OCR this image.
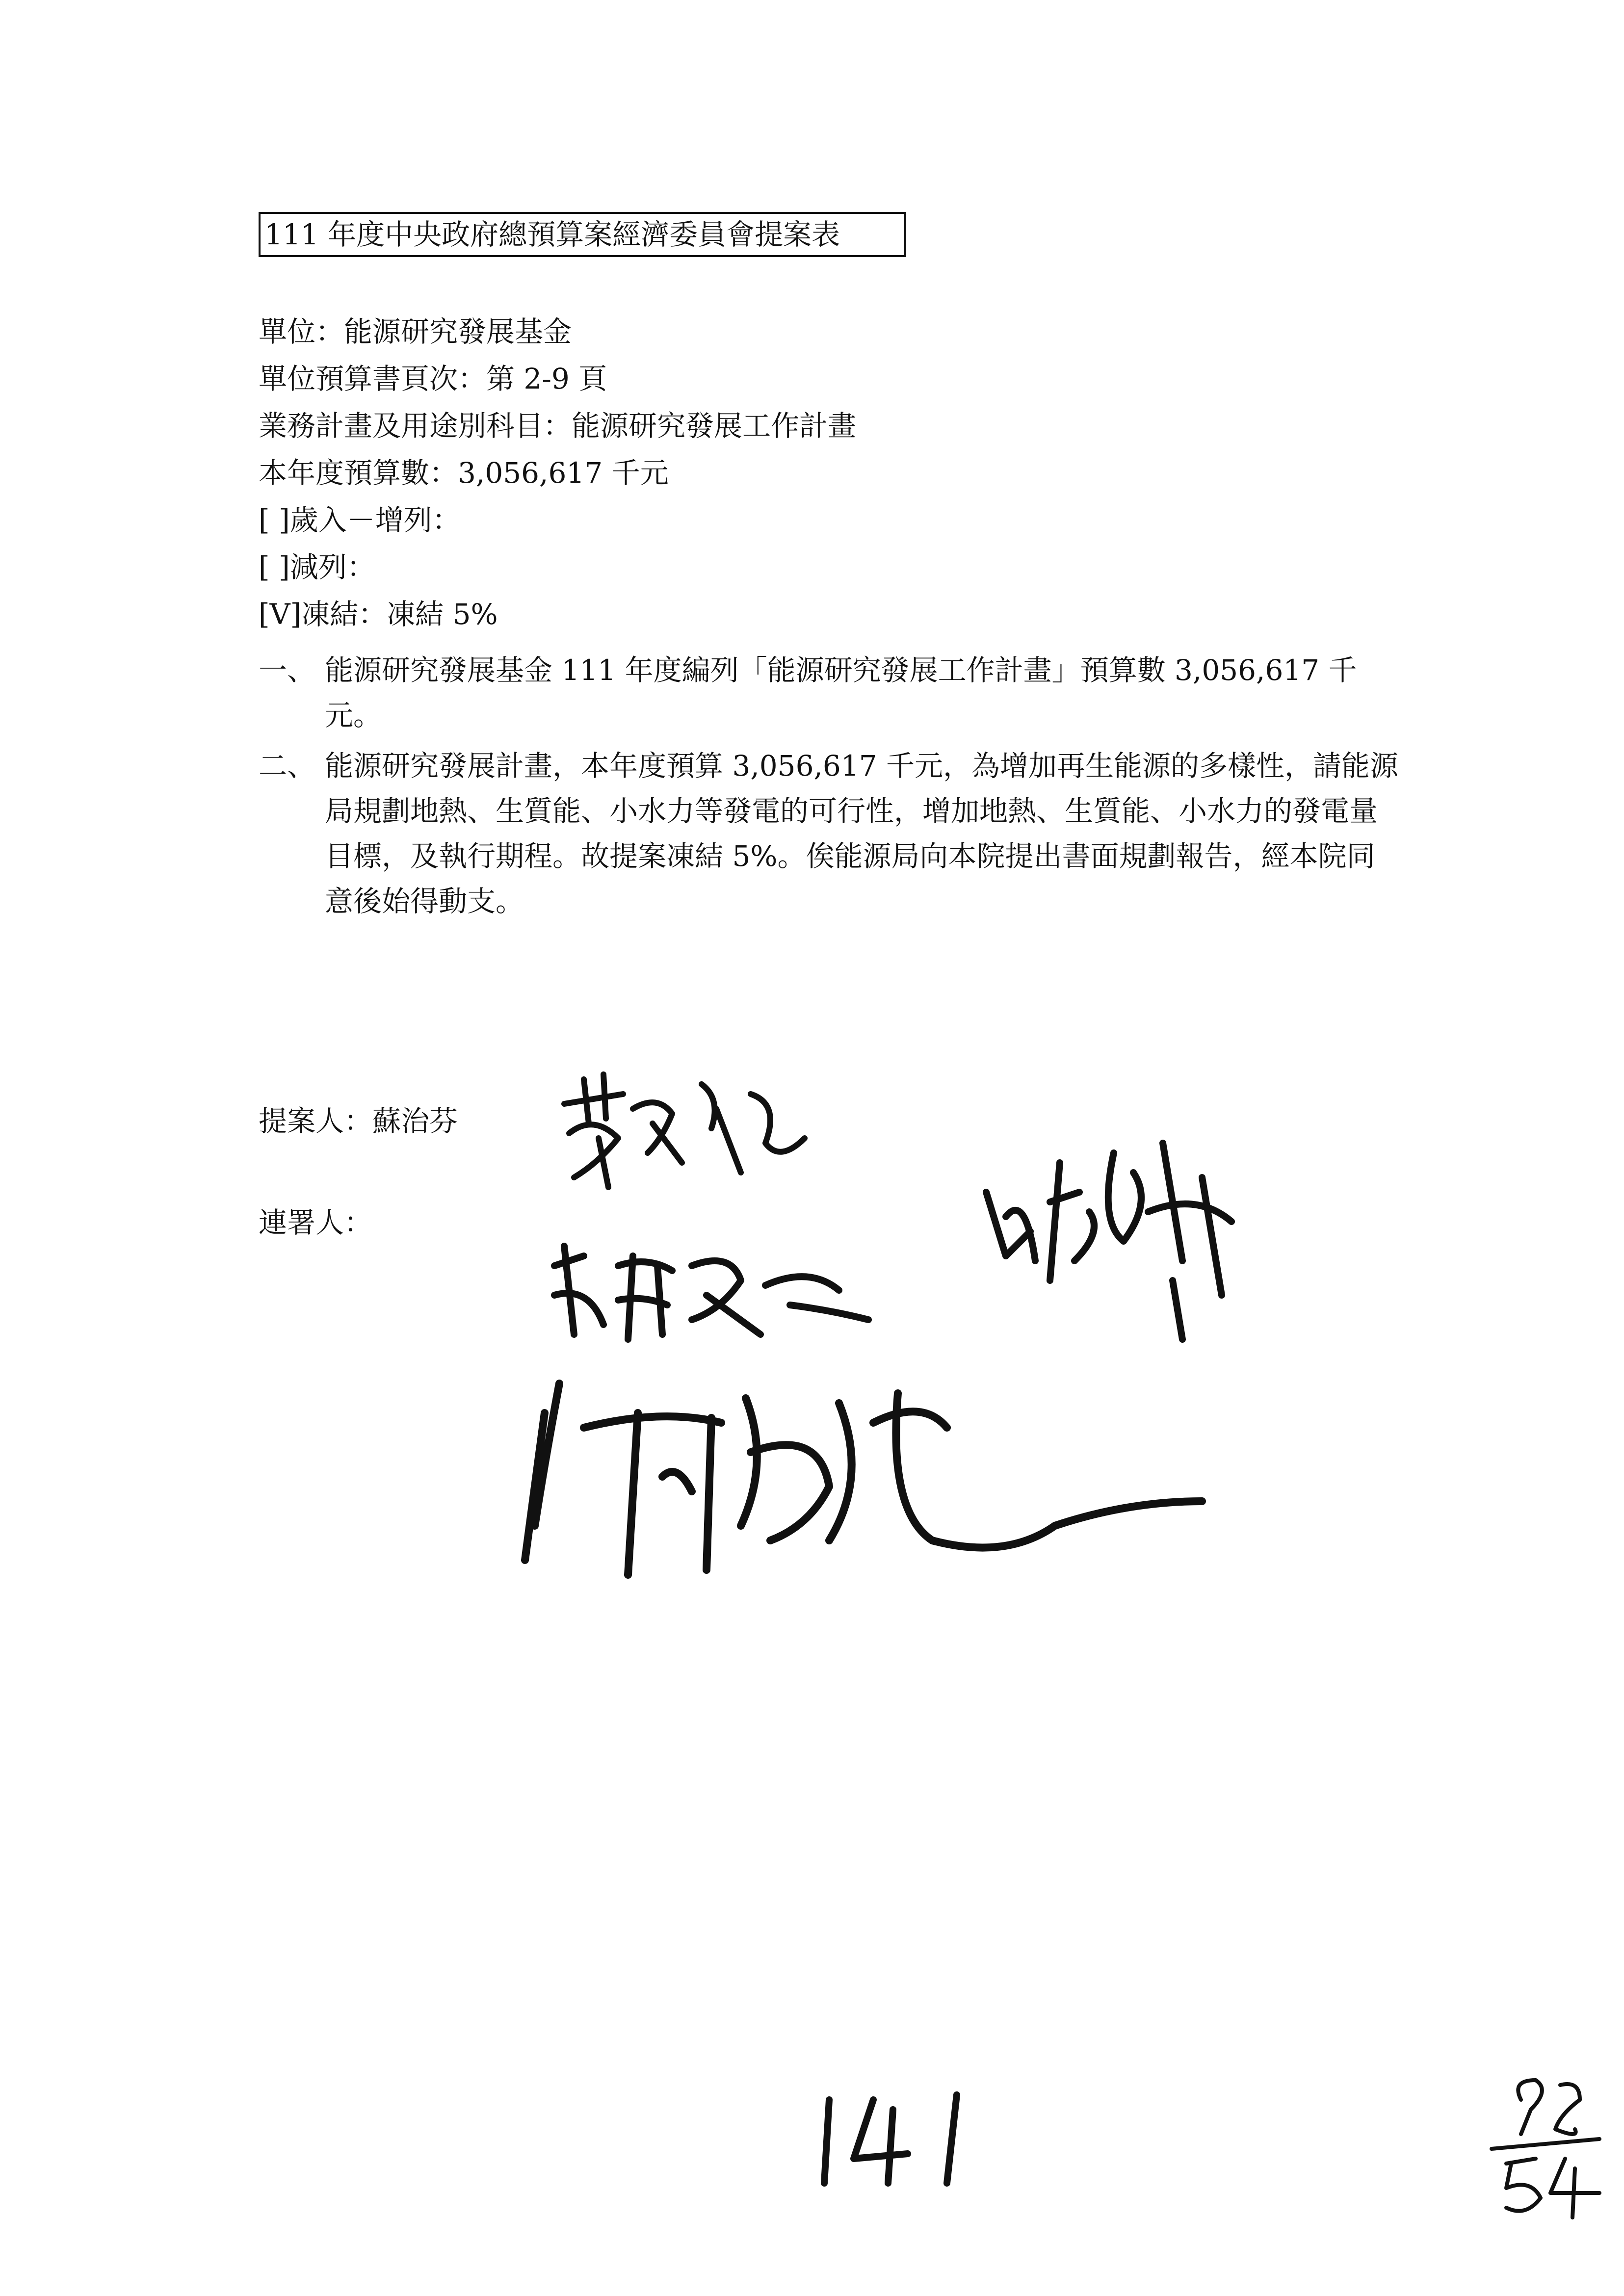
111 年度中央政府總預算案經濟委員會提案表
單位：能源研究發展基金
單位預算書頁次：第 2-9 頁
業務計畫及用途別科目：能源研究發展工作計畫
本年度預算數：3,056,617 千元
[ ]歲入－增列：
[ ]減列：
[V]凍結：凍結 5%
一、 能源研究發展基金 111 年度編列「能源研究發展工作計畫」預算數 3,056,617 千元。
二、 能源研究發展計畫，本年度預算 3,056,617 千元，為增加再生能源的多樣性，請能源局規劃地熱、生質能、小水力等發電的可行性，增加地熱、生質能、小水力的發電量目標，及執行期程。故提案凍結 5%。俟能源局向本院提出書面規劃報告，經本院同意後始得動支。
提案人：蘇治芬
連署人：
